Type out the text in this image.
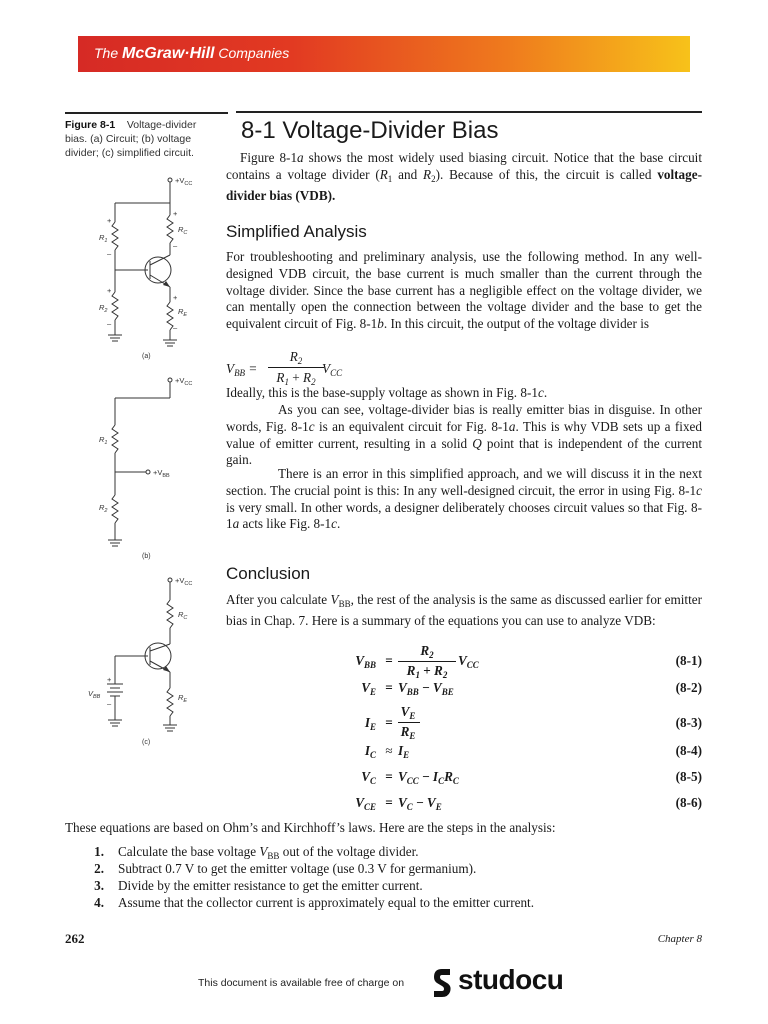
The McGraw·Hill Companies
Figure 8-1 Voltage-divider
bias. (a) Circuit; (b) voltage
divider; (c) simplified circuit.
$+V_{CC}$
+
$R_1$
–
+
$R_2$
–
+
$R_C$
–
+
$R_E$
–
(a)
$+V_{CC}$
$R_1$
$+V_{BB}$
$R_2$
(b)
$+V_{CC}$
$R_C$
$R_E$
+
$V_{BB}$
–
(c)
8-1 Voltage-Divider Bias

Figure 8-1a shows the most widely used biasing circuit. Notice that the base circuit contains a voltage divider ($R_1$ and $R_2$). Because of this, the circuit is called voltage-divider bias (VDB).

Simplified Analysis

For troubleshooting and preliminary analysis, use the following method. In any well-designed VDB circuit, the base current is much smaller than the current through the voltage divider. Since the base current has a negligible effect on the voltage divider, we can mentally open the connection between the voltage divider and the base to get the equivalent circuit of Fig. 8-1b. In this circuit, the output of the voltage divider is

$V_{BB}$ =
$R_2$
$R_1 + R_2$
$V_{CC}$

Ideally, this is the base-supply voltage as shown in Fig. 8-1c.

As you can see, voltage-divider bias is really emitter bias in disguise. In other words, Fig. 8-1c is an equivalent circuit for Fig. 8-1a. This is why VDB sets up a fixed value of emitter current, resulting in a solid Q point that is independent of the current gain.

There is an error in this simplified approach, and we will discuss it in the next section. The crucial point is this: In any well-designed circuit, the error in using Fig. 8-1c is very small. In other words, a designer deliberately chooses circuit values so that Fig. 8-1a acts like Fig. 8-1c.

Conclusion

After you calculate $V_{BB}$, the rest of the analysis is the same as discussed earlier for emitter bias in Chap. 7. Here is a summary of the equations you can use to analyze VDB:

$V_{BB}$ =
$R_2$
$R_1 + R_2$
$V_{CC}$	(8-1)
$V_E = V_{BB} - V_{BE}$	(8-2)
$I_E$ =
$V_E$
$R_E$
(8-3)
$I_C \approx I_E$	(8-4)
$V_C = V_{CC} - I_CR_C$	(8-5)
$V_{CE} = V_C - V_E$	(8-6)

These equations are based on Ohm’s and Kirchhoff’s laws. Here are the steps in the analysis:

1. Calculate the base voltage $V_{BB}$ out of the voltage divider.
2. Subtract 0.7 V to get the emitter voltage (use 0.3 V for germanium).
3. Divide by the emitter resistance to get the emitter current.
4. Assume that the collector current is approximately equal to the emitter current.
262	Chapter 8
This document is available free of charge on studocu
